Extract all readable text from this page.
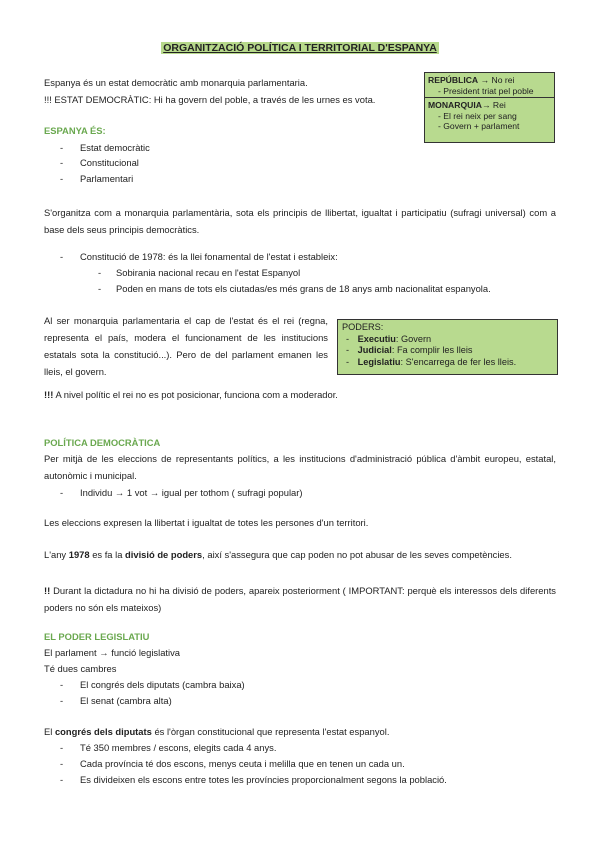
ORGANITZACIÓ POLÍTICA I TERRITORIAL D'ESPANYA
Espanya és un estat democràtic amb monarquia parlamentaria.
!!! ESTAT DEMOCRÀTIC: Hi ha govern del poble, a través de les urnes es vota.
REPÚBLICA → No rei
- President triat pel poble
MONARQUIA→ Rei
- El rei neix per sang
- Govern + parlament
ESPANYA ÉS:
- Estat democràtic
- Constitucional
- Parlamentari
S'organitza com a monarquia parlamentària, sota els principis de llibertat, igualtat i participatiu (sufragi universal) com a base dels seus principis democràtics.
- Constitució de 1978: és la llei fonamental de l'estat i estableix:
- Sobirania nacional recau en l'estat Espanyol
- Poden en mans de tots els ciutadas/es més grans de 18 anys amb nacionalitat espanyola.
Al ser monarquia parlamentaria el cap de l'estat és el rei (regna, representa el país, modera el funcionament de les institucions estatals sota la constitució...). Pero de del parlament emanen les lleis, el govern.
PODERS:
- Executiu: Govern
- Judicial: Fa complir les lleis
- Legislatiu: S'encarrega de fer les lleis.
!!! A nivel polític el rei no es pot posicionar, funciona com a moderador.
POLÍTICA DEMOCRÀTICA
Per mitjà de les eleccions de representants polítics, a les institucions d'administració pública d'àmbit europeu, estatal, autonòmic i municipal.
- Individu → 1 vot → igual per tothom ( sufragi popular)
Les eleccions expresen la llibertat i igualtat de totes les persones d'un territori.
L'any 1978 es fa la divisió de poders, així s'assegura que cap poden no pot abusar de les seves competències.
!! Durant la dictadura no hi ha divisió de poders, apareix posteriorment ( IMPORTANT: perquè els interessos dels diferents poders no són els mateixos)
EL PODER LEGISLATIU
El parlament → funció legislativa
Té dues cambres
- El congrés dels diputats (cambra baixa)
- El senat (cambra alta)
El congrés dels diputats és l'òrgan constitucional que representa l'estat espanyol.
- Té 350 membres / escons, elegits cada 4 anys.
- Cada província té dos escons, menys ceuta i melilla que en tenen un cada un.
- Es divideixen els escons entre totes les províncies proporcionalment segons la població.
